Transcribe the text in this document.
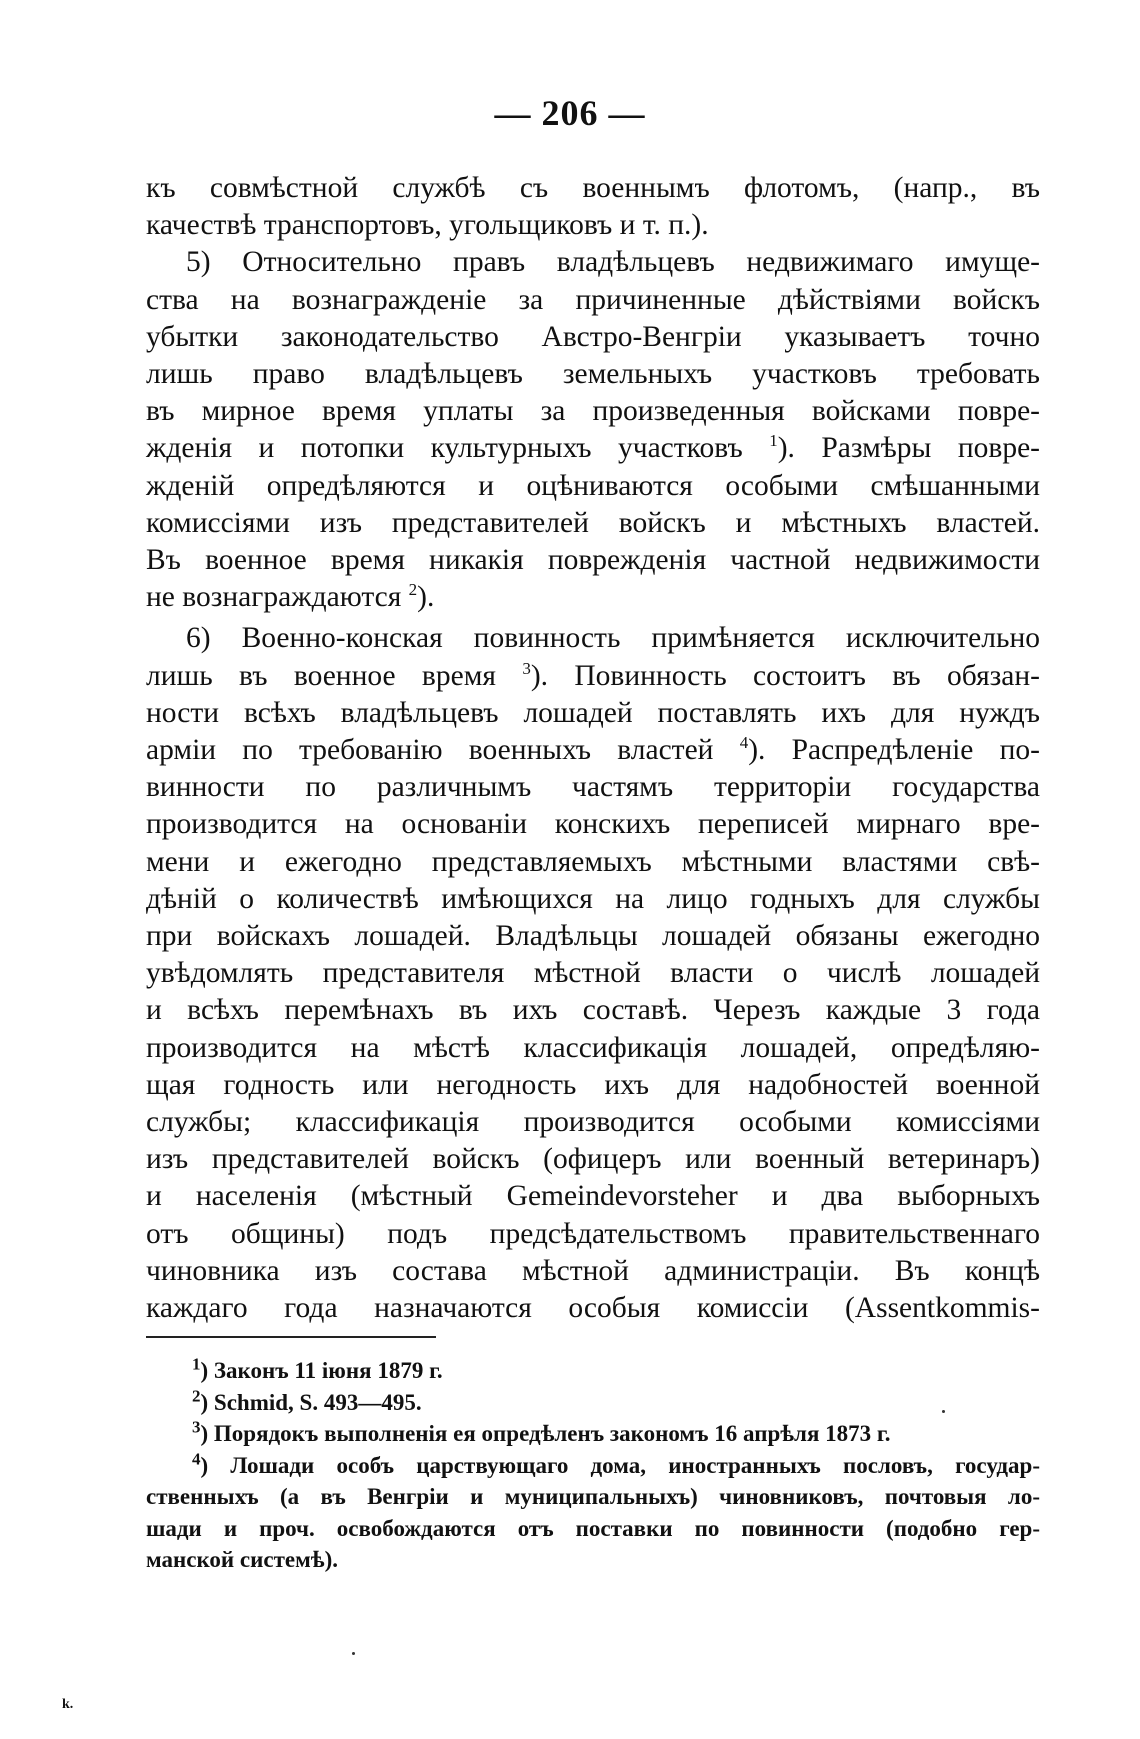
— 206 —
къ совмѣстной службѣ съ военнымъ флотомъ, (напр., въ
качествѣ транспортовъ, угольщиковъ и т. п.).
5) Относительно правъ владѣльцевъ недвижимаго имуще-
ства на вознагражденіе за причиненные дѣйствіями войскъ
убытки законодательство Австро-Венгріи указываетъ точно
лишь право владѣльцевъ земельныхъ участковъ требовать
въ мирное время уплаты за произведенныя войсками повре-
жденія и потопки культурныхъ участковъ $^1$). Размѣры повре-
жденій опредѣляются и оцѣниваются особыми смѣшанными
комиссіями изъ представителей войскъ и мѣстныхъ властей.
Въ военное время никакія поврежденія частной недвижимости
не вознаграждаются $^2$).
6) Военно-конская повинность примѣняется исключительно
лишь въ военное время $^3$). Повинность состоитъ въ обязан-
ности всѣхъ владѣльцевъ лошадей поставлять ихъ для нуждъ
арміи по требованію военныхъ властей $^4$). Распредѣленіе по-
винности по различнымъ частямъ территоріи государства
производится на основаніи конскихъ переписей мирнаго вре-
мени и ежегодно представляемыхъ мѣстными властями свѣ-
дѣній о количествѣ имѣющихся на лицо годныхъ для службы
при войскахъ лошадей. Владѣльцы лошадей обязаны ежегодно
увѣдомлять представителя мѣстной власти о числѣ лошадей
и всѣхъ перемѣнахъ въ ихъ составѣ. Черезъ каждые 3 года
производится на мѣстѣ классификація лошадей, опредѣляю-
щая годность или негодность ихъ для надобностей военной
службы; классификація производится особыми комиссіями
изъ представителей войскъ (офицеръ или военный ветеринаръ)
и населенія (мѣстный Gemeindevorsteher и два выборныхъ
отъ общины) подъ предсѣдательствомъ правительственнаго
чиновника изъ состава мѣстной администраціи. Въ концѣ
каждаго года назначаются особыя комиссіи (Assentkommis-
$^1$) Законъ 11 іюня 1879 г.
$^2$) Schmid, S. 493—495.
$^3$) Порядокъ выполненія ея опредѣленъ закономъ 16 апрѣля 1873 г.
$^4$) Лошади особъ царствующаго дома, иностранныхъ пословъ, государ-
ственныхъ (а въ Венгріи и муниципальныхъ) чиновниковъ, почтовыя ло-
шади и проч. освобождаются отъ поставки по повинности (подобно гер-
манской системѣ).
k.
